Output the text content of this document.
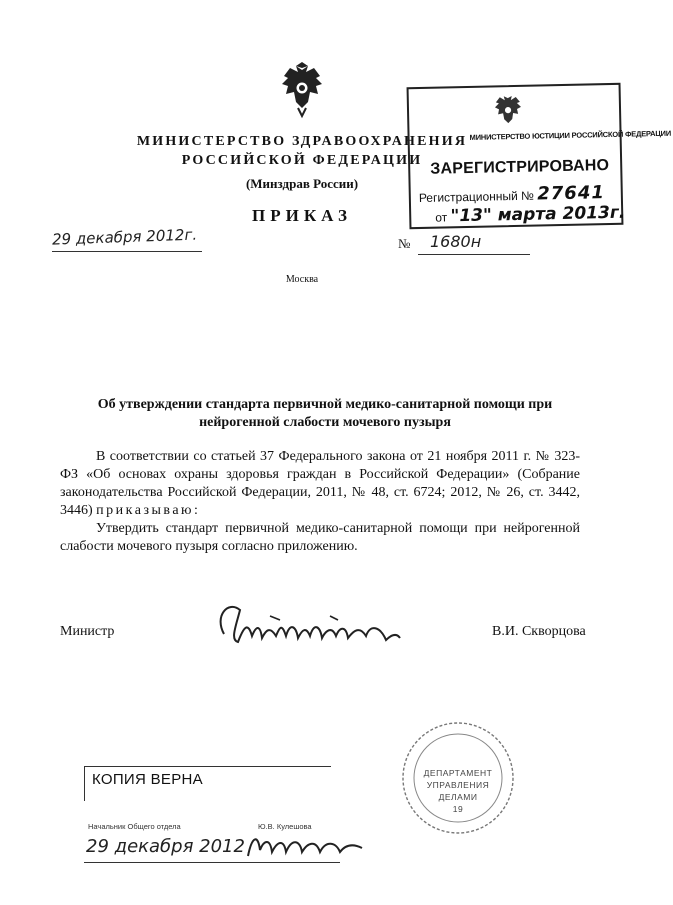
МИНИСТЕРСТВО ЗДРАВООХРАНЕНИЯ
РОССИЙСКОЙ ФЕДЕРАЦИИ
(Минздрав России)
ПРИКАЗ
29 декабря 2012г.	№ 1680н
Москва
МИНИСТЕРСТВО ЮСТИЦИИ РОССИЙСКОЙ ФЕДЕРАЦИИ
ЗАРЕГИСТРИРОВАНО
Регистрационный № 27641
от "13" марта 2013г.
Об утверждении стандарта первичной медико-санитарной помощи при нейрогенной слабости мочевого пузыря

В соответствии со статьей 37 Федерального закона от 21 ноября 2011 г. № 323-ФЗ «Об основах охраны здоровья граждан в Российской Федерации» (Собрание законодательства Российской Федерации, 2011, № 48, ст. 6724; 2012, № 26, ст. 3442, 3446) приказываю:

Утвердить стандарт первичной медико-санитарной помощи при нейрогенной слабости мочевого пузыря согласно приложению.

Министр	В.И. Скворцова
ДЕПАРТАМЕНТ
УПРАВЛЕНИЯ
ДЕЛАМИ
19
КОПИЯ ВЕРНА
Начальник Общего отдела	Ю.В. Кулешова
29 декабря 2012
